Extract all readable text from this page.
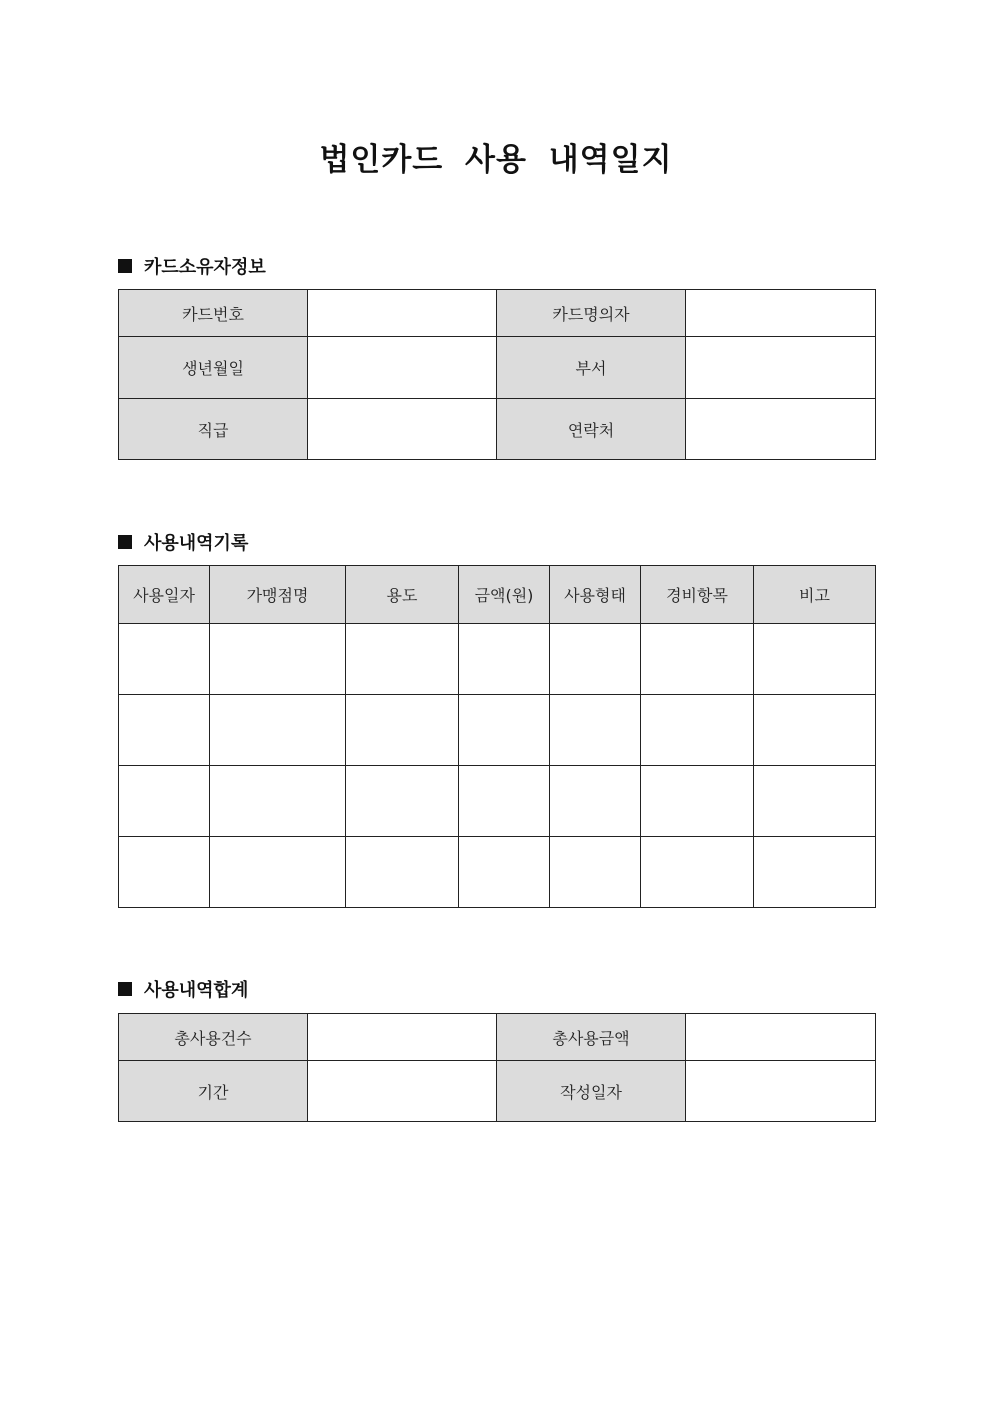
법인카드 사용 내역일지
카드소유자정보
카드번호		카드명의자	
생년월일		부서	
직급		연락처	
사용내역기록
사용일자	가맹점명	용도	금액(원)	사용형태	경비항목	비고

사용내역합계
총사용건수		총사용금액	
기간		작성일자	
